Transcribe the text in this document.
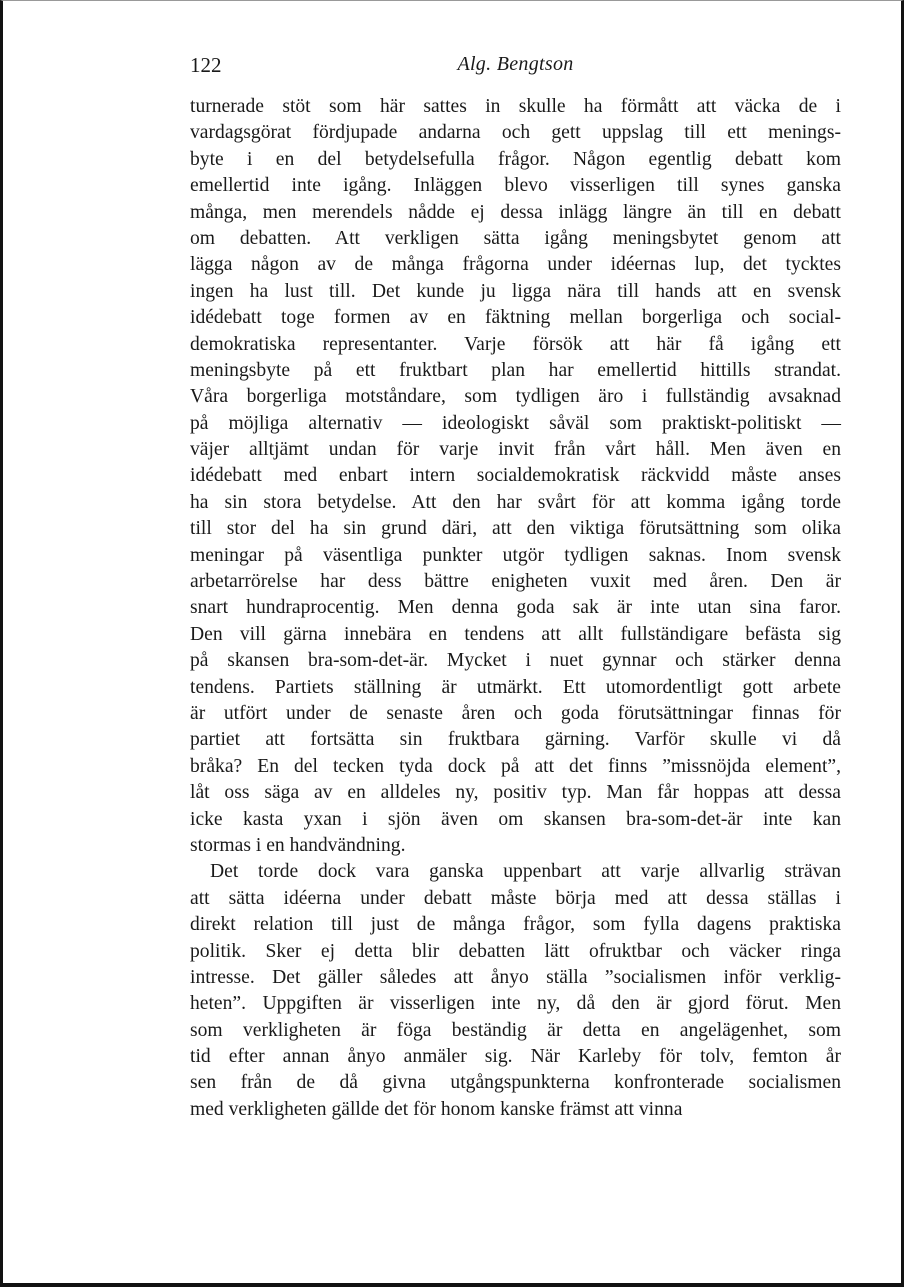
122	Alg. Bengtson
turnerade stöt som här sattes in skulle ha förmått att väcka de i
vardagsgörat fördjupade andarna och gett uppslag till ett menings-
byte i en del betydelsefulla frågor. Någon egentlig debatt kom
emellertid inte igång. Inläggen blevo visserligen till synes ganska
många, men merendels nådde ej dessa inlägg längre än till en debatt
om debatten. Att verkligen sätta igång meningsbytet genom att
lägga någon av de många frågorna under idéernas lup, det tycktes
ingen ha lust till. Det kunde ju ligga nära till hands att en svensk
idédebatt toge formen av en fäktning mellan borgerliga och social-
demokratiska representanter. Varje försök att här få igång ett
meningsbyte på ett fruktbart plan har emellertid hittills strandat.
Våra borgerliga motståndare, som tydligen äro i fullständig avsaknad
på möjliga alternativ — ideologiskt såväl som praktiskt-politiskt —
väjer alltjämt undan för varje invit från vårt håll. Men även en
idédebatt med enbart intern socialdemokratisk räckvidd måste anses
ha sin stora betydelse. Att den har svårt för att komma igång torde
till stor del ha sin grund däri, att den viktiga förutsättning som olika
meningar på väsentliga punkter utgör tydligen saknas. Inom svensk
arbetarrörelse har dess bättre enigheten vuxit med åren. Den är
snart hundraprocentig. Men denna goda sak är inte utan sina faror.
Den vill gärna innebära en tendens att allt fullständigare befästa sig
på skansen bra-som-det-är. Mycket i nuet gynnar och stärker denna
tendens. Partiets ställning är utmärkt. Ett utomordentligt gott arbete
är utfört under de senaste åren och goda förutsättningar finnas för
partiet att fortsätta sin fruktbara gärning. Varför skulle vi då
bråka? En del tecken tyda dock på att det finns ”missnöjda element”,
låt oss säga av en alldeles ny, positiv typ. Man får hoppas att dessa
icke kasta yxan i sjön även om skansen bra-som-det-är inte kan
stormas i en handvändning.
Det torde dock vara ganska uppenbart att varje allvarlig strävan
att sätta idéerna under debatt måste börja med att dessa ställas i
direkt relation till just de många frågor, som fylla dagens praktiska
politik. Sker ej detta blir debatten lätt ofruktbar och väcker ringa
intresse. Det gäller således att ånyo ställa ”socialismen inför verklig-
heten”. Uppgiften är visserligen inte ny, då den är gjord förut. Men
som verkligheten är föga beständig är detta en angelägenhet, som
tid efter annan ånyo anmäler sig. När Karleby för tolv, femton år
sen från de då givna utgångspunkterna konfronterade socialismen
med verkligheten gällde det för honom kanske främst att vinna
